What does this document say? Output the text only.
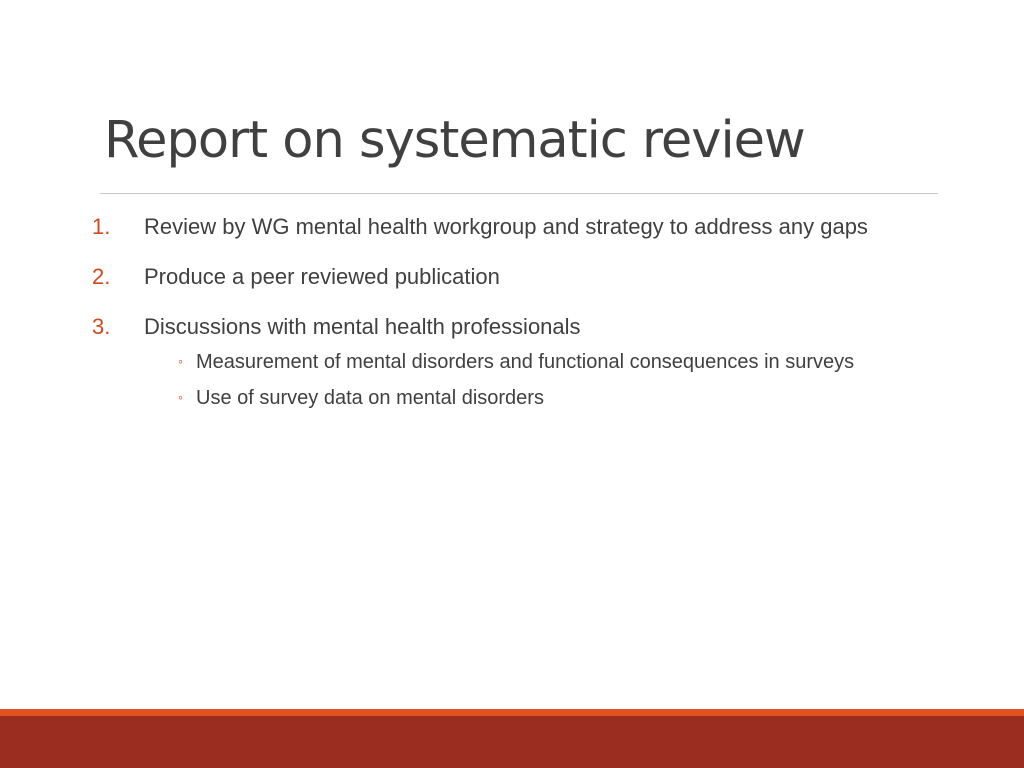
Report on systematic review
1.	Review by WG mental health workgroup and strategy to address any gaps
2.	Produce a peer reviewed publication
3.	Discussions with mental health professionals
◦ Measurement of mental disorders and functional consequences in surveys
◦ Use of survey data on mental disorders
